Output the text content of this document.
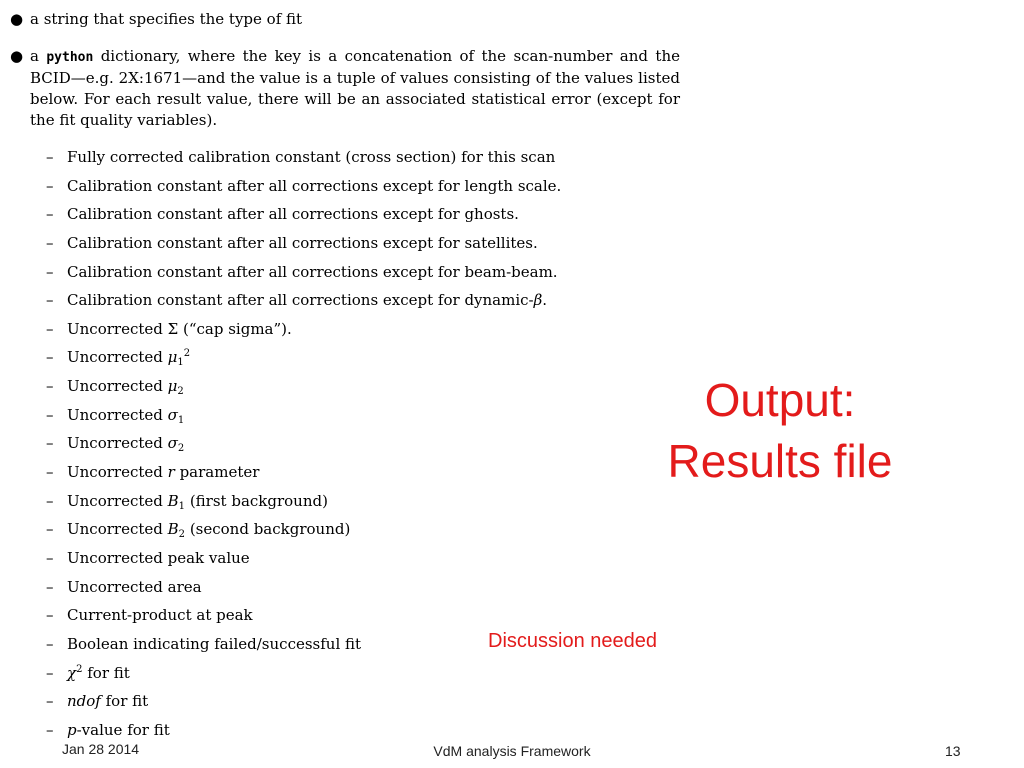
● a string that specifies the type of fit
● a python dictionary, where the key is a concatenation of the scan-number and the BCID—e.g. 2X:1671—and the value is a tuple of values consisting of the values listed below. For each result value, there will be an associated statistical error (except for the fit quality variables).
– Fully corrected calibration constant (cross section) for this scan
– Calibration constant after all corrections except for length scale.
– Calibration constant after all corrections except for ghosts.
– Calibration constant after all corrections except for satellites.
– Calibration constant after all corrections except for beam-beam.
– Calibration constant after all corrections except for dynamic-β.
– Uncorrected Σ (“cap sigma”).
– Uncorrected $\mu_1^2$
– Uncorrected $\mu_2$
– Uncorrected $\sigma_1$
– Uncorrected $\sigma_2$
– Uncorrected r parameter
– Uncorrected $B_1$ (first background)
– Uncorrected $B_2$ (second background)
– Uncorrected peak value
– Uncorrected area
– Current-product at peak
– Boolean indicating failed/successful fit
– $\chi^2$ for fit
– ndof for fit
– p-value for fit
Output:
Results file
Discussion needed
Jan 28 2014	VdM analysis Framework	13
